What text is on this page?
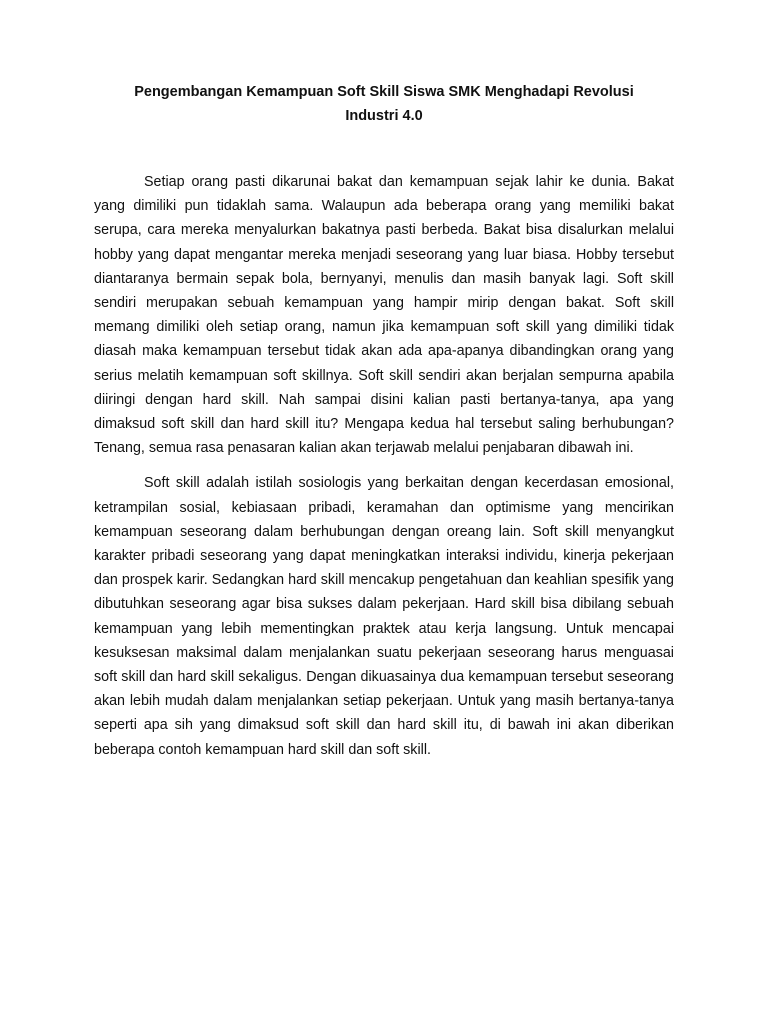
Pengembangan Kemampuan Soft Skill Siswa SMK Menghadapi Revolusi
Industri 4.0

Setiap orang pasti dikarunai bakat dan kemampuan sejak lahir ke dunia. Bakat yang dimiliki pun tidaklah sama. Walaupun ada beberapa orang yang memiliki bakat serupa, cara mereka menyalurkan bakatnya pasti berbeda. Bakat bisa disalurkan melalui hobby yang dapat mengantar mereka menjadi seseorang yang luar biasa. Hobby tersebut diantaranya bermain sepak bola, bernyanyi, menulis dan masih banyak lagi. Soft skill sendiri merupakan sebuah kemampuan yang hampir mirip dengan bakat. Soft skill memang dimiliki oleh setiap orang, namun jika kemampuan soft skill yang dimiliki tidak diasah maka kemampuan tersebut tidak akan ada apa-apanya dibandingkan orang yang serius melatih kemampuan soft skillnya. Soft skill sendiri akan berjalan sempurna apabila diiringi dengan hard skill. Nah sampai disini kalian pasti bertanya-tanya, apa yang dimaksud soft skill dan hard skill itu? Mengapa kedua hal tersebut saling berhubungan? Tenang, semua rasa penasaran kalian akan terjawab melalui penjabaran dibawah ini.

Soft skill adalah istilah sosiologis yang berkaitan dengan kecerdasan emosional, ketrampilan sosial, kebiasaan pribadi, keramahan dan optimisme yang mencirikan kemampuan seseorang dalam berhubungan dengan oreang lain. Soft skill menyangkut karakter pribadi seseorang yang dapat meningkatkan interaksi individu, kinerja pekerjaan dan prospek karir. Sedangkan hard skill mencakup pengetahuan dan keahlian spesifik yang dibutuhkan seseorang agar bisa sukses dalam pekerjaan. Hard skill bisa dibilang sebuah kemampuan yang lebih mementingkan praktek atau kerja langsung. Untuk mencapai kesuksesan maksimal dalam menjalankan suatu pekerjaan seseorang harus menguasai soft skill dan hard skill sekaligus. Dengan dikuasainya dua kemampuan tersebut seseorang akan lebih mudah dalam menjalankan setiap pekerjaan. Untuk yang masih bertanya-tanya seperti apa sih yang dimaksud soft skill dan hard skill itu, di bawah ini akan diberikan beberapa contoh kemampuan hard skill dan soft skill.
